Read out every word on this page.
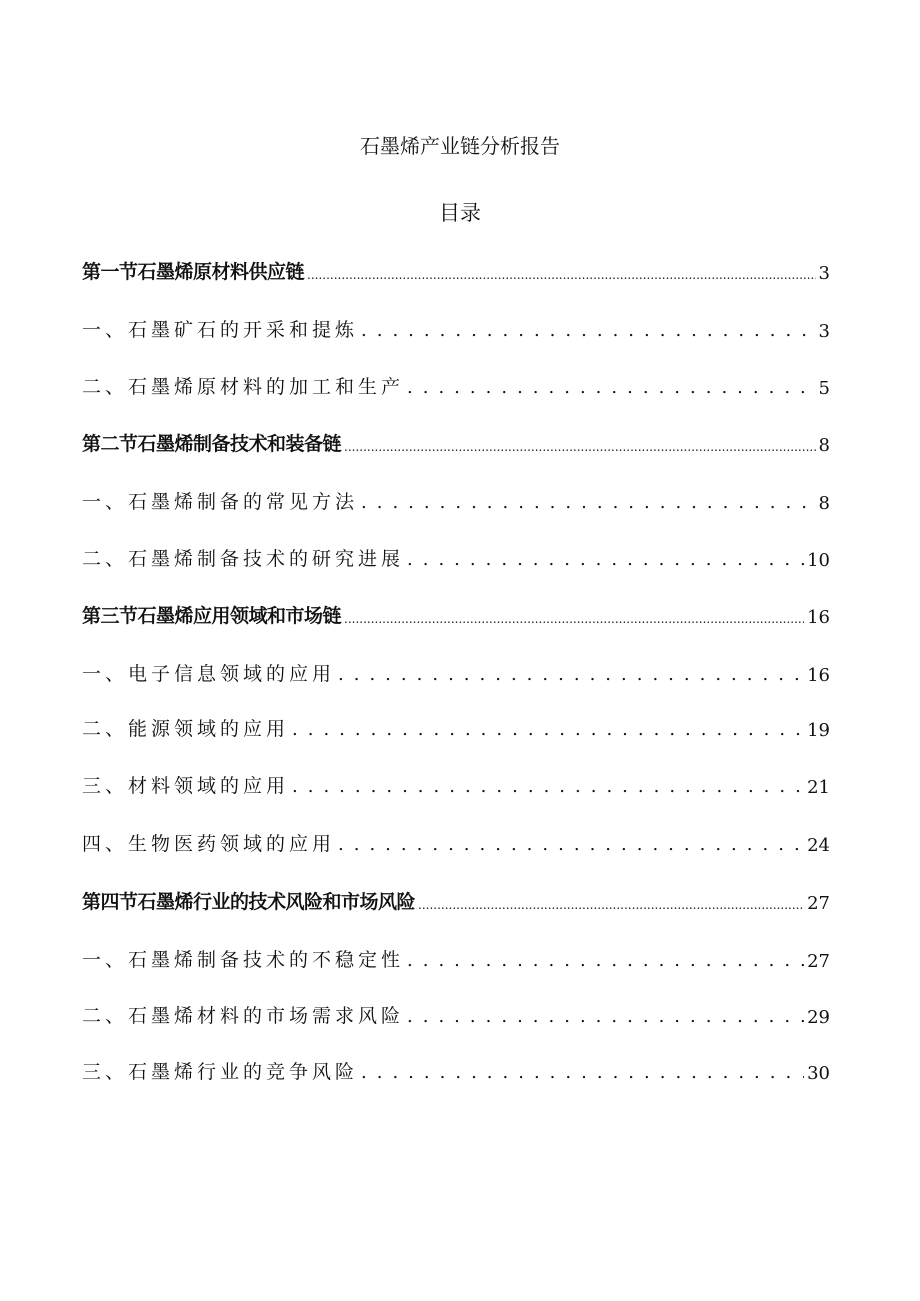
石墨烯产业链分析报告
目录
第一节石墨烯原材料供应链 .....	3
一、石墨矿石的开采和提炼 .....	3
二、石墨烯原材料的加工和生产 .....	5
第二节石墨烯制备技术和装备链 .....	8
一、石墨烯制备的常见方法 .....	8
二、石墨烯制备技术的研究进展 .....	10
第三节石墨烯应用领域和市场链 .....	16
一、电子信息领域的应用 .....	16
二、能源领域的应用 .....	19
三、材料领域的应用 .....	21
四、生物医药领域的应用 .....	24
第四节石墨烯行业的技术风险和市场风险 .....	27
一、石墨烯制备技术的不稳定性 .....	27
二、石墨烯材料的市场需求风险 .....	29
三、石墨烯行业的竞争风险 .....	30
